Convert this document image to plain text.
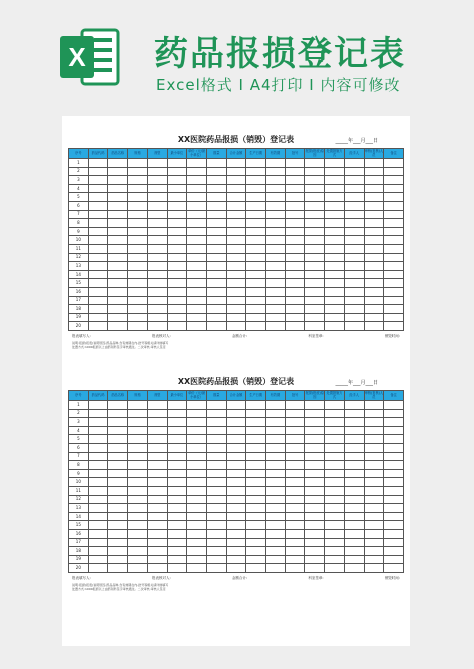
X 药品报损登记表
Excel格式 I A4打印 I 内容可修改
XX医院药品报损（销毁）登记表	_____年___月___日
序号	药品代码	药品名称	规格	剂型	最小单位	单价（元/最小单位）	数量	合计金额	生产日期	有效期	批号	报损(报废)原因	处置措施方式	经手人	审核(复核)人员	备注
1																
2																
3																
4																
5																
6																
7																
8																
9																
10																
11																
12																
13																
14																
15																
16																
17																
18																
19																
20																
报表填写人:	报表核对人:	金额合计:	科室签章:	销毁时间:
说明:报损(报废)说明原因,药品品种,含有效期在内,批号等相关请详细填写
处置方式:1000报损以上由药剂科签字审核通过。二次审核,审核人签章
XX医院药品报损（销毁）登记表	_____年___月___日
序号	药品代码	药品名称	规格	剂型	最小单位	单价（元/最小单位）	数量	合计金额	生产日期	有效期	批号	报损(报废)原因	处置措施方式	经手人	审核(复核)人员	备注
1																
2																
3																
4																
5																
6																
7																
8																
9																
10																
11																
12																
13																
14																
15																
16																
17																
18																
19																
20																
报表填写人:	报表核对人:	金额合计:	科室签章:	销毁时间:
说明:报损(报废)说明原因,药品品种,含有效期在内,批号等相关请详细填写
处置方式:1000报损以上由药剂科签字审核通过。二次审核,审核人签章
